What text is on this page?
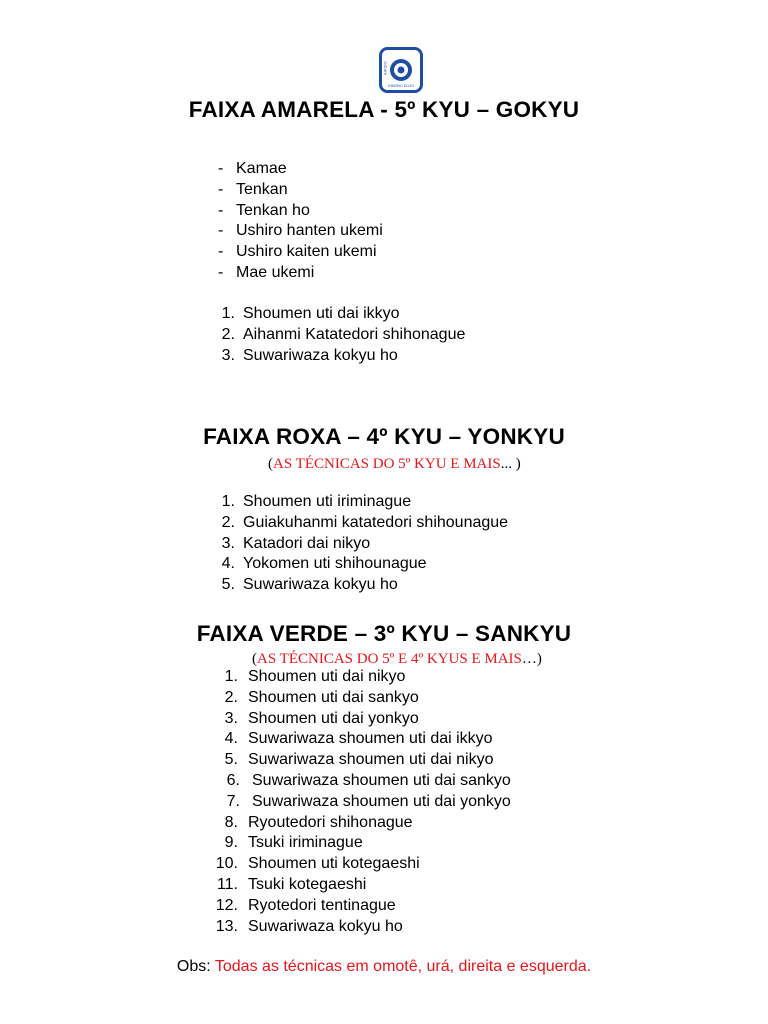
AIKIDO
KIMONO DOJO
FAIXA AMARELA - 5º KYU – GOKYU
- Kamae
- Tenkan
- Tenkan ho
- Ushiro hanten ukemi
- Ushiro kaiten ukemi
- Mae ukemi
1. Shoumen uti dai ikkyo
2. Aihanmi Katatedori shihonague
3. Suwariwaza kokyu ho
FAIXA ROXA – 4º KYU – YONKYU
(AS TÉCNICAS DO 5º KYU E MAIS... )
1. Shoumen uti iriminague
2. Guiakuhanmi katatedori shihounague
3. Katadori dai nikyo
4. Yokomen uti shihounague
5. Suwariwaza kokyu ho
FAIXA VERDE – 3º KYU – SANKYU
(AS TÉCNICAS DO 5º E 4º KYUS E MAIS…)
1. Shoumen uti dai nikyo
2. Shoumen uti dai sankyo
3. Shoumen uti dai yonkyo
4. Suwariwaza shoumen uti dai ikkyo
5. Suwariwaza shoumen uti dai nikyo
6. Suwariwaza shoumen uti dai sankyo
7. Suwariwaza shoumen uti dai yonkyo
8. Ryoutedori shihonague
9. Tsuki iriminague
10. Shoumen uti kotegaeshi
11. Tsuki kotegaeshi
12. Ryotedori tentinague
13. Suwariwaza kokyu ho
Obs: Todas as técnicas em omotê, urá, direita e esquerda.
